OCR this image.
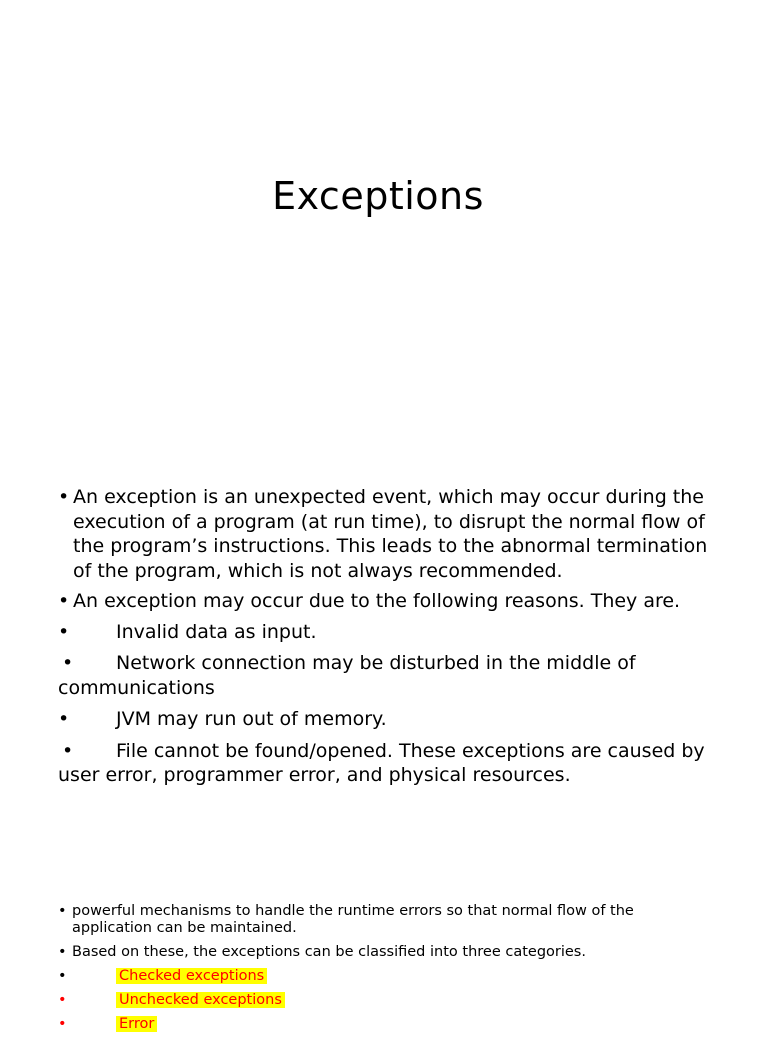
Exceptions
• An exception is an unexpected event, which may occur during the execution of a program (at run time), to disrupt the normal flow of the program’s instructions. This leads to the abnormal termination of the program, which is not always recommended.
• An exception may occur due to the following reasons. They are.
• Invalid data as input.
• Network connection may be disturbed in the middle of communications
• JVM may run out of memory.
• File cannot be found/opened. These exceptions are caused by user error, programmer error, and physical resources.
• powerful mechanisms to handle the runtime errors so that normal flow of the application can be maintained.
• Based on these, the exceptions can be classified into three categories.
•	Checked exceptions
•	Unchecked exceptions
•	Error
